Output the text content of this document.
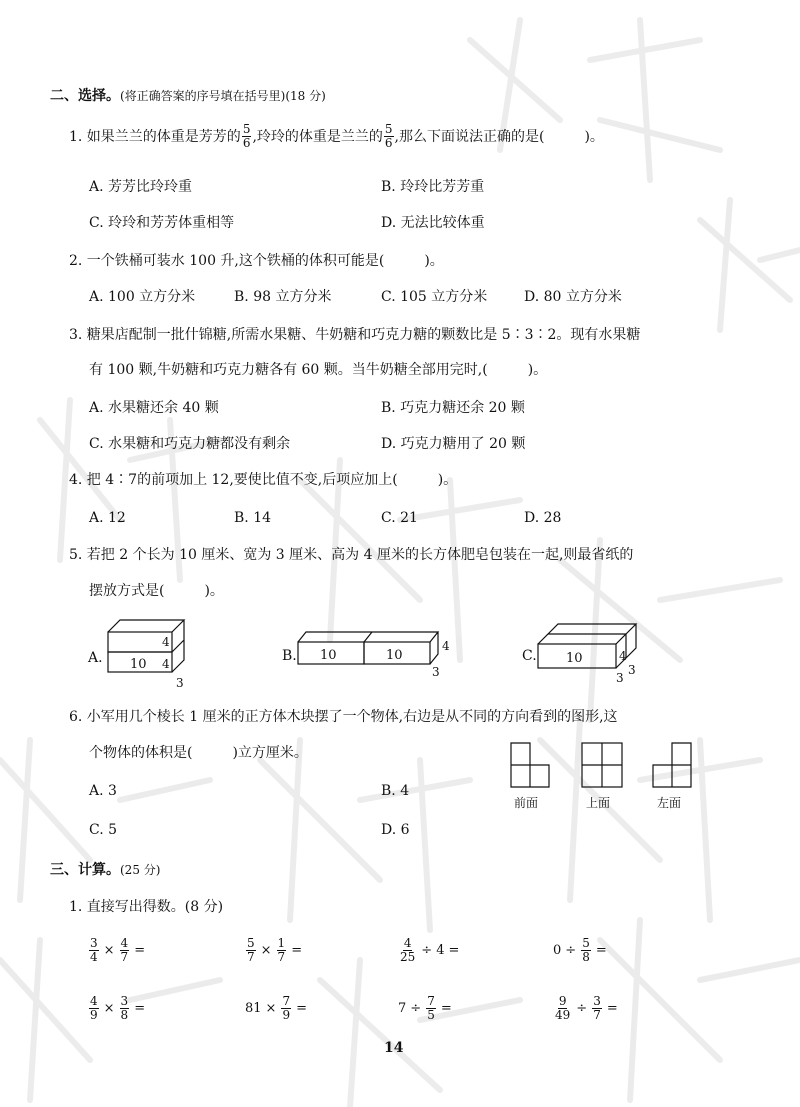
二、选择。(将正确答案的序号填在括号里)(18 分)
1. 如果兰兰的体重是芳芳的 $\frac{5}{6}$ ,玲玲的体重是兰兰的 $\frac{5}{6}$ ,那么下面说法正确的是(	)。
A. 芳芳比玲玲重	B. 玲玲比芳芳重
C. 玲玲和芳芳体重相等	D. 无法比较体重
2. 一个铁桶可装水 100 升,这个铁桶的体积可能是(	)。
A. 100 立方分米	B. 98 立方分米	C. 105 立方分米	D. 80 立方分米
3. 糖果店配制一批什锦糖,所需水果糖、牛奶糖和巧克力糖的颗数比是 5∶3∶2。现有水果糖
有 100 颗,牛奶糖和巧克力糖各有 60 颗。当牛奶糖全部用完时,(	)。
A. 水果糖还余 40 颗	B. 巧克力糖还余 20 颗
C. 水果糖和巧克力糖都没有剩余	D. 巧克力糖用了 20 颗
4. 把 4∶7的前项加上 12,要使比值不变,后项应加上(	)。
A. 12	B. 14	C. 21	D. 28
5. 若把 2 个长为 10 厘米、宽为 3 厘米、高为 4 厘米的长方体肥皂包装在一起,则最省纸的
摆放方式是(	)。
A. 10
4
4
3
B. 10	10
4
3
C. 10	4
3
3
6. 小军用几个棱长 1 厘米的正方体木块摆了一个物体,右边是从不同的方向看到的图形,这
个物体的体积是(	)立方厘米。
A. 3	B. 4
C. 5	D. 6
前面	上面	左面
三、计算。(25 分)
1. 直接写出得数。(8 分)
$\frac{3}{4} \times \frac{4}{7}$ =	$\frac{5}{7} \times \frac{1}{7}$ =	$\frac{4}{25} \div 4$ =	$0 \div \frac{5}{8}$ =
$\frac{4}{9} \times \frac{3}{8}$ =	$81 \times \frac{7}{9}$ =	$7 \div \frac{7}{5}$ =	$\frac{9}{49} \div \frac{3}{7}$ =
14
